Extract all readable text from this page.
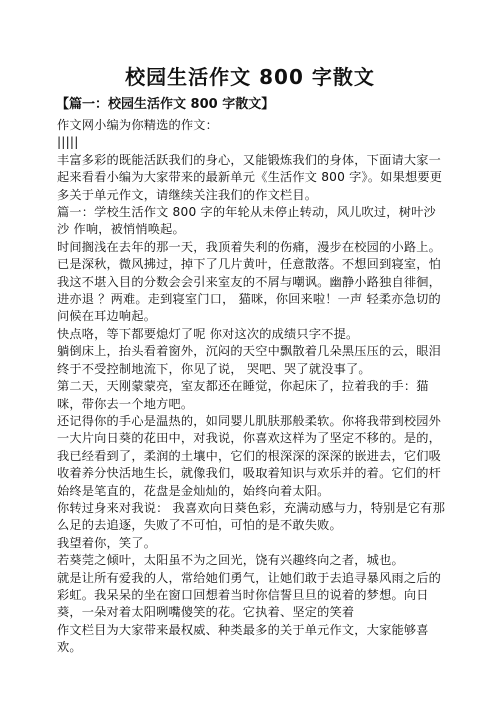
校园生活作文 800 字散文
【篇一：校园生活作文 800 字散文】

作文网小编为你精选的作文：

|||||

丰富多彩的既能活跃我们的身心，又能锻炼我们的身体，下面请大家一起来看看小编为大家带来的最新单元《生活作文 800 字》。如果想要更多关于单元作文，请继续关注我们的作文栏目。

篇一：学校生活作文 800 字的年轮从未停止转动，风儿吹过，树叶沙沙 作响，被悄悄唤起。

时间搁浅在去年的那一天，我顶着失利的伤痛，漫步在校园的小路上。已是深秋，微风拂过，掉下了几片黄叶，任意散落。不想回到寝室，怕我这不堪入目的分数会会引来室友的不屑与嘲讽。幽静小路独自徘徊，进亦退 ？两难。走到寝室门口， 猫咪，你回来啦！一声 轻柔亦急切的问候在耳边响起。

快点咯，等下都要熄灯了呢 你对这次的成绩只字不提。

躺倒床上，抬头看着窗外，沉闷的天空中飘散着几朵黑压压的云，眼泪终于不受控制地流下，你见了说， 哭吧、哭了就没事了。

第二天，天刚蒙蒙亮，室友都还在睡觉，你起床了，拉着我的手：猫咪，带你去一个地方吧。

还记得你的手心是温热的，如同婴儿肌肤那般柔软。你将我带到校园外一大片向日葵的花田中，对我说，你喜欢这样为了坚定不移的。是的，我已经看到了，柔润的土壤中，它们的根深深的深深的嵌进去，它们吸收着养分快活地生长，就像我们，吸取着知识与欢乐并的着。它们的杆始终是笔直的，花盘是金灿灿的，始终向着太阳。

你转过身来对我说： 我喜欢向日葵色彩，充满动感与力，特别是它有那么足的去追逐，失败了不可怕，可怕的是不敢失败。

我望着你，笑了。

若葵莞之倾叶，太阳虽不为之回光，饶有兴趣终向之者，城也。

就是让所有爱我的人，常给她们勇气，让她们敢于去追寻暴风雨之后的彩虹。我呆呆的坐在窗口回想着当时你信誓旦旦的说着的梦想。向日葵，一朵对着太阳咧嘴傻笑的花。它执着、坚定的笑着

作文栏目为大家带来最权威、种类最多的关于单元作文，大家能够喜欢。
